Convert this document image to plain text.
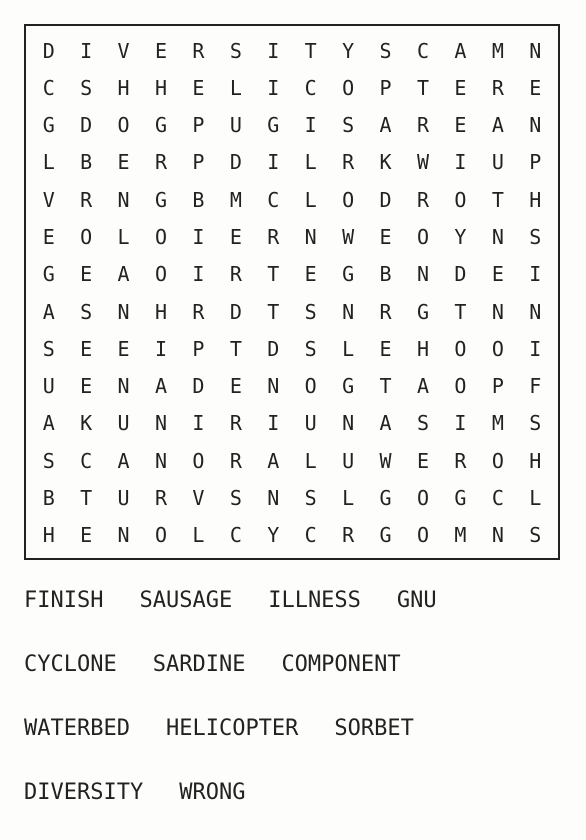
D	I	V	E	R	S	I	T	Y	S	C	A	M	N
C	S	H	H	E	L	I	C	O	P	T	E	R	E
G	D	O	G	P	U	G	I	S	A	R	E	A	N
L	B	E	R	P	D	I	L	R	K	W	I	U	P
V	R	N	G	B	M	C	L	O	D	R	O	T	H
E	O	L	O	I	E	R	N	W	E	O	Y	N	S
G	E	A	O	I	R	T	E	G	B	N	D	E	I
A	S	N	H	R	D	T	S	N	R	G	T	N	N
S	E	E	I	P	T	D	S	L	E	H	O	O	I
U	E	N	A	D	E	N	O	G	T	A	O	P	F
A	K	U	N	I	R	I	U	N	A	S	I	M	S
S	C	A	N	O	R	A	L	U	W	E	R	O	H
B	T	U	R	V	S	N	S	L	G	O	G	C	L
H	E	N	O	L	C	Y	C	R	G	O	M	N	S
FINISH SAUSAGE ILLNESS GNU
CYCLONE SARDINE COMPONENT
WATERBED HELICOPTER SORBET
DIVERSITY WRONG
